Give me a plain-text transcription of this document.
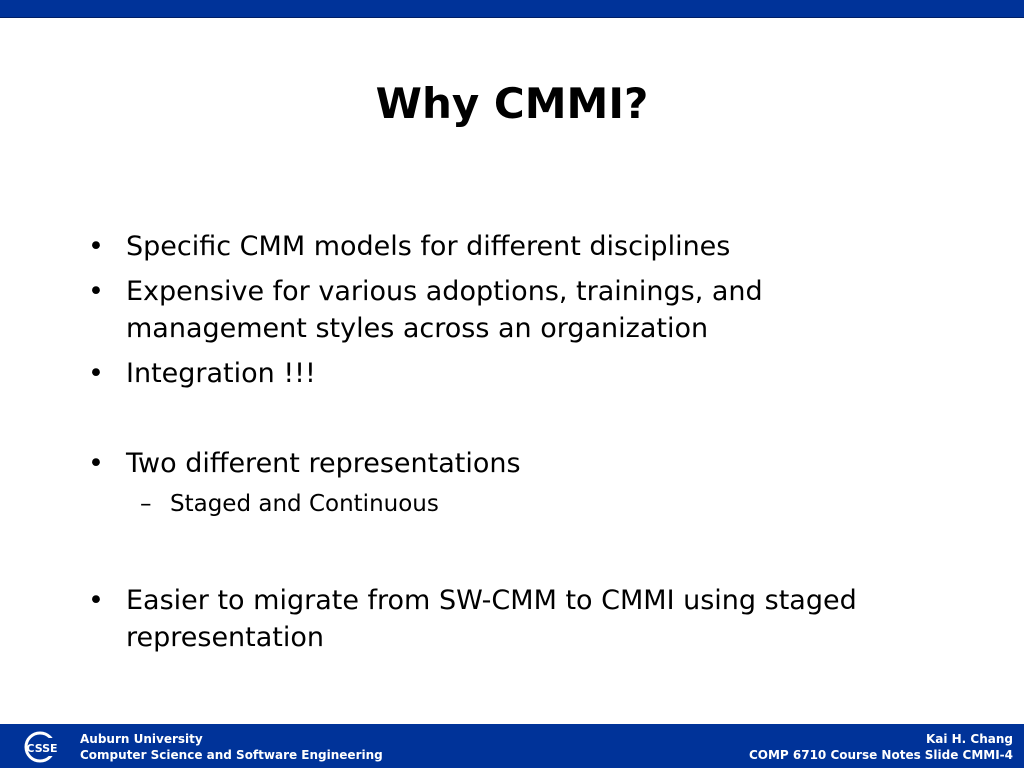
Why CMMI?
• Specific CMM models for different disciplines
• Expensive for various adoptions, trainings, and management styles across an organization
• Integration !!!
• Two different representations
– Staged and Continuous
• Easier to migrate from SW-CMM to CMMI using staged representation
CSSE
Auburn University
Computer Science and Software Engineering
Kai H. Chang
COMP 6710 Course Notes Slide CMMI-4
